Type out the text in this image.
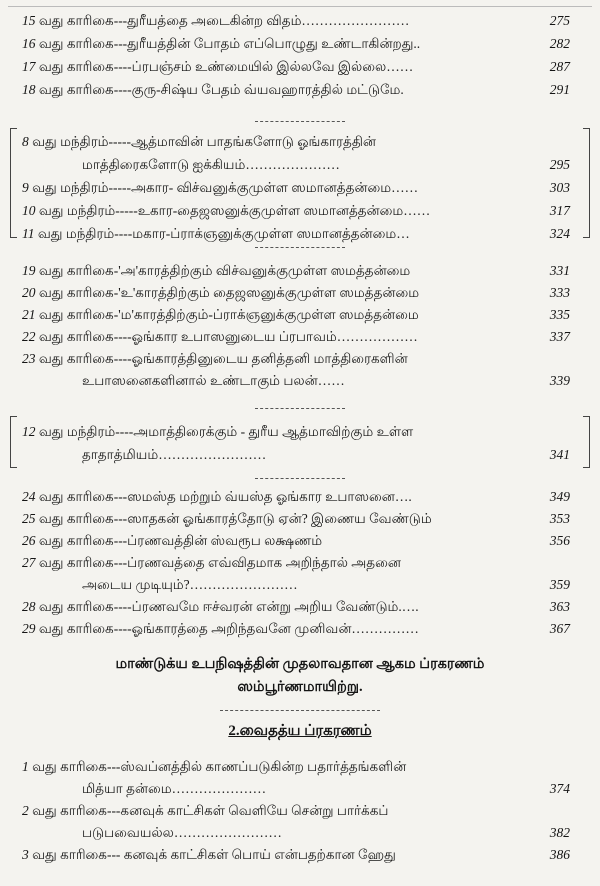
15 வது காரிகை---துரீயத்தை அடைகின்ற விதம்……………………	275
16 வது காரிகை---துரீயத்தின் போதம் எப்பொழுது உண்டாகின்றது..	282
17 வது காரிகை----ப்ரபஞ்சம் உண்மையில் இல்லவே இல்லை……	287
18 வது காரிகை----குரு-சிஷ்ய பேதம் வ்யவஹாரத்தில் மட்டுமே.	291
8 வது மந்திரம்-----ஆத்மாவின் பாதங்களோடு ஓங்காரத்தின்
மாத்திரைகளோடு ஐக்கியம்…………………	295
9 வது மந்திரம்-----அகார- விச்வனுக்குமுள்ள ஸமானத்தன்மை……	303
10 வது மந்திரம்-----உகார-தைஜஸனுக்குமுள்ள ஸமானத்தன்மை……	317
11 வது மந்திரம்----மகார-ப்ராக்ஞனுக்குமுள்ள ஸமானத்தன்மை…	324
19 வது காரிகை-'அ'காரத்திற்கும் விச்வனுக்குமுள்ள ஸமத்தன்மை	331
20 வது காரிகை-'உ'காரத்திற்கும் தைஜஸனுக்குமுள்ள ஸமத்தன்மை	333
21 வது காரிகை-'ம'காரத்திற்கும்-ப்ராக்ஞனுக்குமுள்ள ஸமத்தன்மை	335
22 வது காரிகை----ஓங்கார உபாஸனுடைய ப்ரபாவம்………………	337
23 வது காரிகை----ஓங்காரத்தினுடைய தனித்தனி மாத்திரைகளின்
உபாஸனைகளினால் உண்டாகும் பலன்……	339
12 வது மந்திரம்----அமாத்திரைக்கும் - துரீய ஆத்மாவிற்கும் உள்ள
தாதாத்மியம்……………………	341
24 வது காரிகை---ஸமஸ்த மற்றும் வ்யஸ்த ஓங்கார உபாஸனை….	349
25 வது காரிகை---ஸாதகன் ஓங்காரத்தோடு ஏன்? இணைய வேண்டும்	353
26 வது காரிகை---ப்ரணவத்தின் ஸ்வரூப லக்ஷணம்	356
27 வது காரிகை---ப்ரணவத்தை எவ்விதமாக அறிந்தால் அதனை
அடைய முடியும்?……………………	359
28 வது காரிகை----ப்ரணவமே ஈச்வரன் என்று அறிய வேண்டும்.….	363
29 வது காரிகை----ஓங்காரத்தை அறிந்தவனே முனிவன்……………	367
மாண்டுக்ய உபநிஷத்தின் முதலாவதான ஆகம ப்ரகரணம்
ஸம்பூர்ணமாயிற்று.
2.வைதத்ய ப்ரகரணம்
1 வது காரிகை---ஸ்வப்னத்தில் காணப்படுகின்ற பதார்த்தங்களின்
மித்யா தன்மை…………………	374
2 வது காரிகை---கனவுக் காட்சிகள் வெளியே சென்று பார்க்கப்
படுபவையல்ல……………………	382
3 வது காரிகை--- கனவுக் காட்சிகள் பொய் என்பதற்கான ஹேது	386
